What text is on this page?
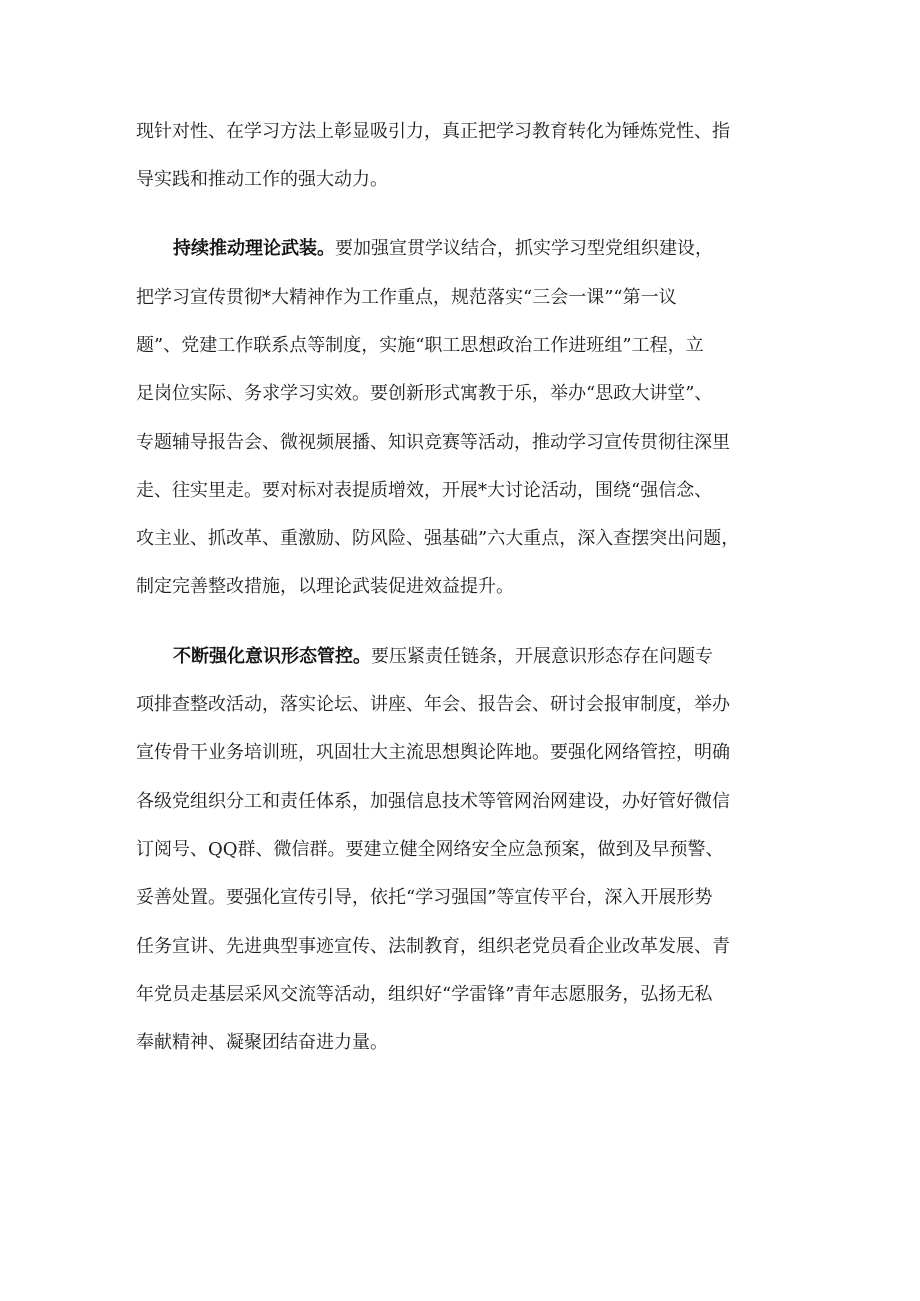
现针对性、在学习方法上彰显吸引力，真正把学习教育转化为锤炼党性、指
导实践和推动工作的强大动力。
持续推动理论武装。要加强宣贯学议结合，抓实学习型党组织建设，
把学习宣传贯彻*大精神作为工作重点，规范落实“三会一课”“第一议
题”、党建工作联系点等制度，实施“职工思想政治工作进班组”工程，立
足岗位实际、务求学习实效。要创新形式寓教于乐，举办“思政大讲堂”、
专题辅导报告会、微视频展播、知识竞赛等活动，推动学习宣传贯彻往深里
走、往实里走。要对标对表提质增效，开展*大讨论活动，围绕“强信念、
攻主业、抓改革、重激励、防风险、强基础”六大重点，深入查摆突出问题，
制定完善整改措施，以理论武装促进效益提升。
不断强化意识形态管控。要压紧责任链条，开展意识形态存在问题专
项排查整改活动，落实论坛、讲座、年会、报告会、研讨会报审制度，举办
宣传骨干业务培训班，巩固壮大主流思想舆论阵地。要强化网络管控，明确
各级党组织分工和责任体系，加强信息技术等管网治网建设，办好管好微信
订阅号、QQ群、微信群。要建立健全网络安全应急预案，做到及早预警、
妥善处置。要强化宣传引导，依托“学习强国”等宣传平台，深入开展形势
任务宣讲、先进典型事迹宣传、法制教育，组织老党员看企业改革发展、青
年党员走基层采风交流等活动，组织好“学雷锋”青年志愿服务，弘扬无私
奉献精神、凝聚团结奋进力量。
